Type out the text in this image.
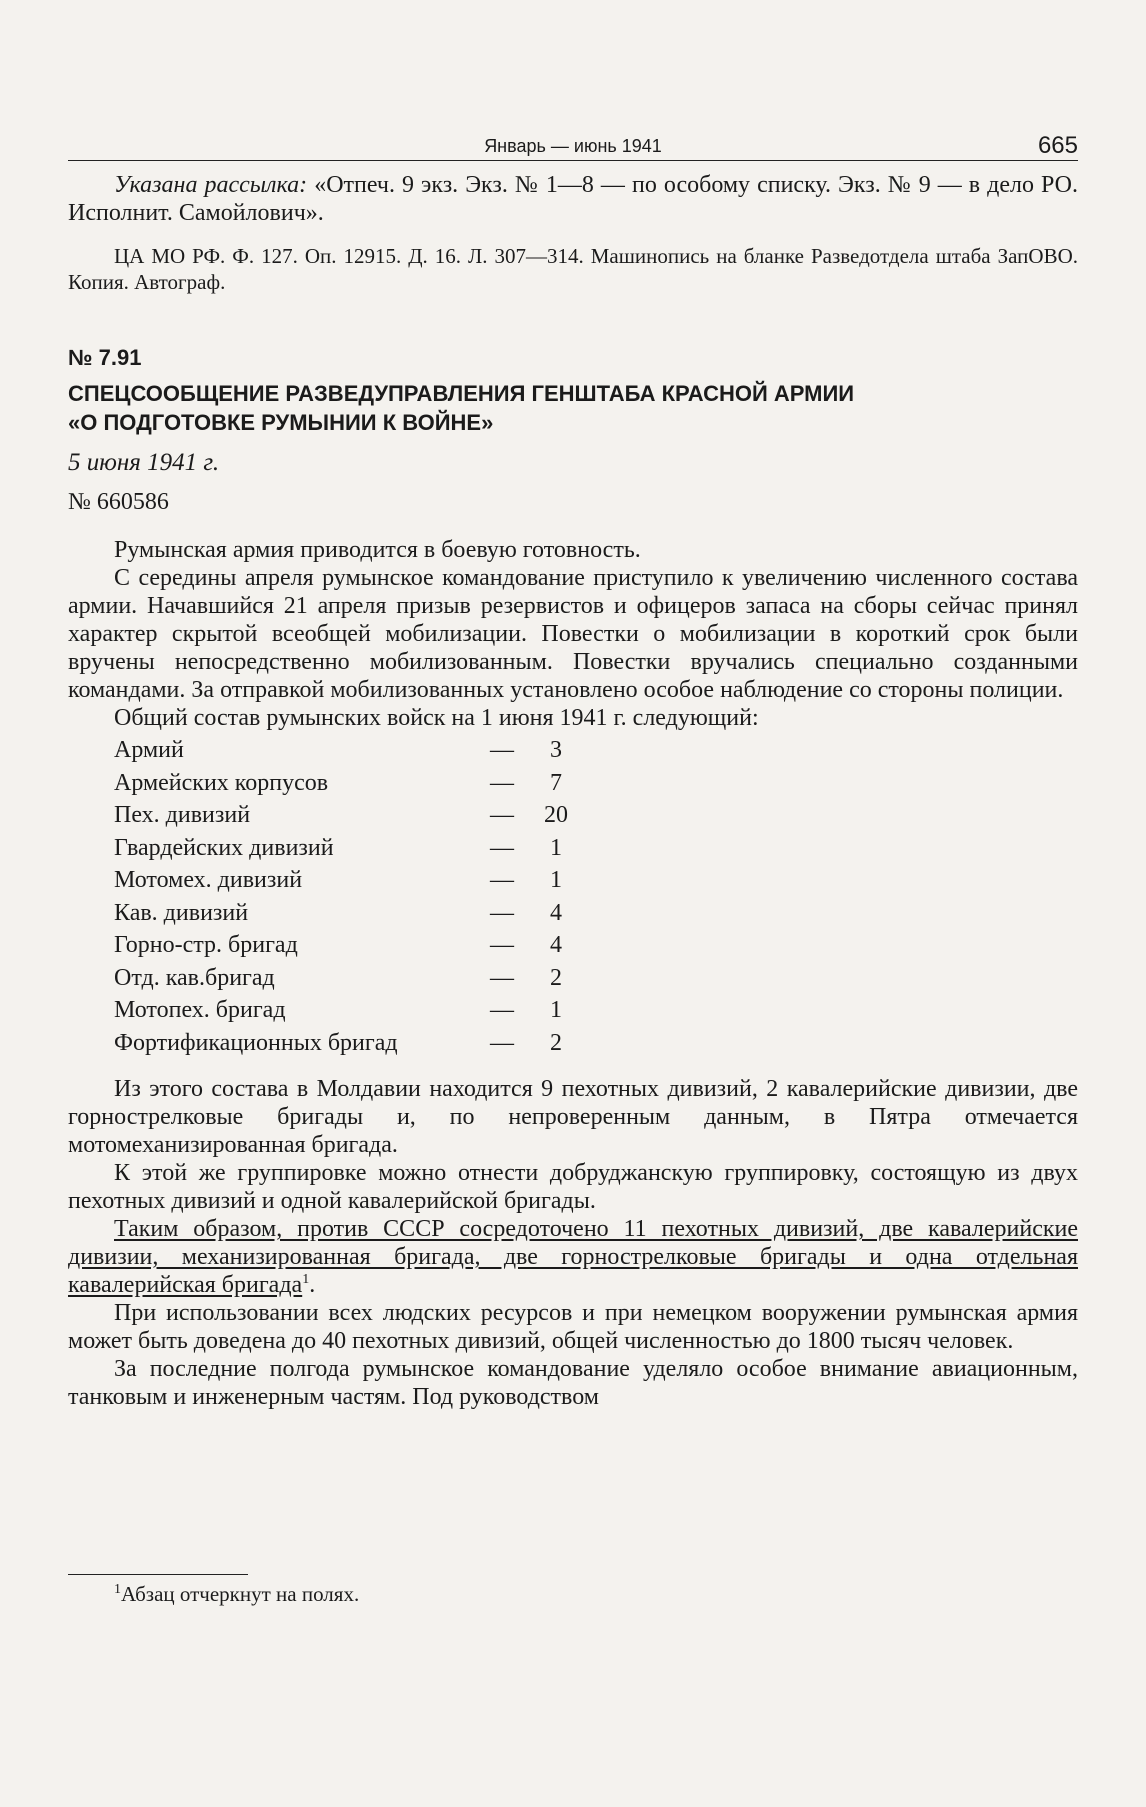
Январь — июнь 1941	665

Указана рассылка: «Отпеч. 9 экз. Экз. № 1—8 — по особому списку. Экз. № 9 — в дело РО. Исполнит. Самойлович».

ЦА МО РФ. Ф. 127. Оп. 12915. Д. 16. Л. 307—314. Машинопись на бланке Разведотдела штаба ЗапОВО. Копия. Автограф.

№ 7.91
СПЕЦСООБЩЕНИЕ РАЗВЕДУПРАВЛЕНИЯ ГЕНШТАБА КРАСНОЙ АРМИИ
«О ПОДГОТОВКЕ РУМЫНИИ К ВОЙНЕ»
5 июня 1941 г.
№ 660586

Румынская армия приводится в боевую готовность.

С середины апреля румынское командование приступило к увеличению численного состава армии. Начавшийся 21 апреля призыв резервистов и офицеров запаса на сборы сейчас принял характер скрытой всеобщей мобилизации. Повестки о мобилизации в короткий срок были вручены непосредственно мобилизованным. Повестки вручались специально созданными командами. За отправкой мобилизованных установлено особое наблюдение со стороны полиции.

Общий состав румынских войск на 1 июня 1941 г. следующий:

Армий	—	3
Армейских корпусов	—	7
Пех. дивизий	—	20
Гвардейских дивизий	—	1
Мотомех. дивизий	—	1
Кав. дивизий	—	4
Горно-стр. бригад	—	4
Отд. кав.бригад	—	2
Мотопех. бригад	—	1
Фортификационных бригад	—	2

Из этого состава в Молдавии находится 9 пехотных дивизий, 2 кавалерийские дивизии, две горнострелковые бригады и, по непроверенным данным, в Пятра отмечается мотомеханизированная бригада.

К этой же группировке можно отнести добруджанскую группировку, состоящую из двух пехотных дивизий и одной кавалерийской бригады.

Таким образом, против СССР сосредоточено 11 пехотных дивизий, две кавалерийские дивизии, механизированная бригада, две горнострелковые бригады и одна отдельная кавалерийская бригада$^1$.

При использовании всех людских ресурсов и при немецком вооружении румынская армия может быть доведена до 40 пехотных дивизий, общей численностью до 1800 тысяч человек.

За последние полгода румынское командование уделяло особое внимание авиационным, танковым и инженерным частям. Под руководством

$^1$Абзац отчеркнут на полях.
